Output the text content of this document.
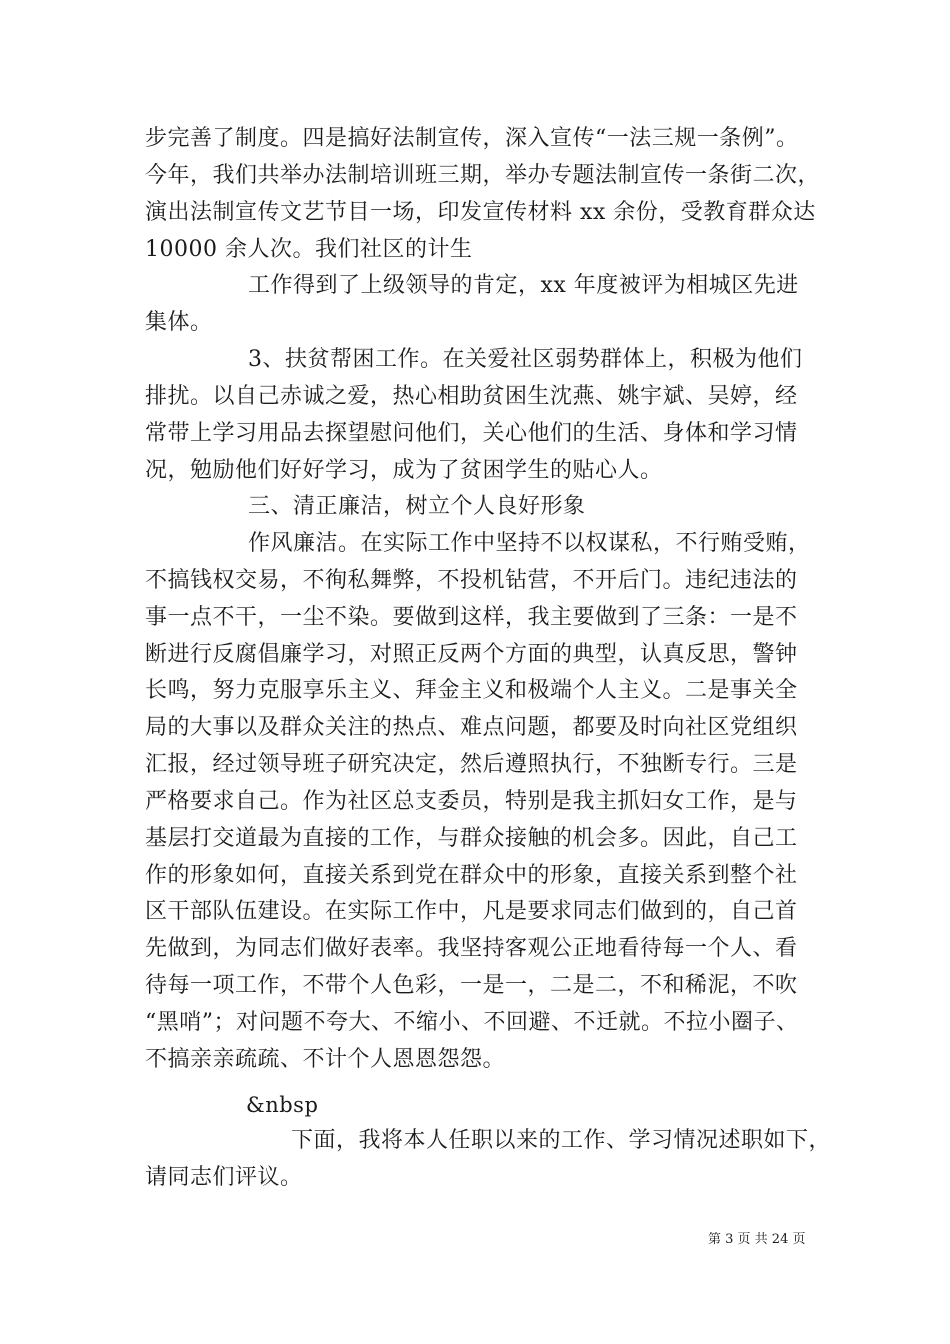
步完善了制度。四是搞好法制宣传，深入宣传“一法三规一条例”。
今年，我们共举办法制培训班三期，举办专题法制宣传一条街二次，
演出法制宣传文艺节目一场，印发宣传材料 xx 余份，受教育群众达
10000 余人次。我们社区的计生
工作得到了上级领导的肯定，xx 年度被评为相城区先进
集体。
3、扶贫帮困工作。在关爱社区弱势群体上，积极为他们
排扰。以自己赤诚之爱，热心相助贫困生沈燕、姚宇斌、吴婷，经
常带上学习用品去探望慰问他们，关心他们的生活、身体和学习情
况，勉励他们好好学习，成为了贫困学生的贴心人。
三、清正廉洁，树立个人良好形象
作风廉洁。在实际工作中坚持不以权谋私，不行贿受贿，
不搞钱权交易，不徇私舞弊，不投机钻营，不开后门。违纪违法的
事一点不干，一尘不染。要做到这样，我主要做到了三条：一是不
断进行反腐倡廉学习，对照正反两个方面的典型，认真反思，警钟
长鸣，努力克服享乐主义、拜金主义和极端个人主义。二是事关全
局的大事以及群众关注的热点、难点问题，都要及时向社区党组织
汇报，经过领导班子研究决定，然后遵照执行，不独断专行。三是
严格要求自己。作为社区总支委员，特别是我主抓妇女工作，是与
基层打交道最为直接的工作，与群众接触的机会多。因此，自己工
作的形象如何，直接关系到党在群众中的形象，直接关系到整个社
区干部队伍建设。在实际工作中，凡是要求同志们做到的，自己首
先做到，为同志们做好表率。我坚持客观公正地看待每一个人、看
待每一项工作，不带个人色彩，一是一，二是二，不和稀泥，不吹
“黑哨”；对问题不夸大、不缩小、不回避、不迁就。不拉小圈子、
不搞亲亲疏疏、不计个人恩恩怨怨。
&nbsp
下面，我将本人任职以来的工作、学习情况述职如下，
请同志们评议。
第 3 页 共 24 页
